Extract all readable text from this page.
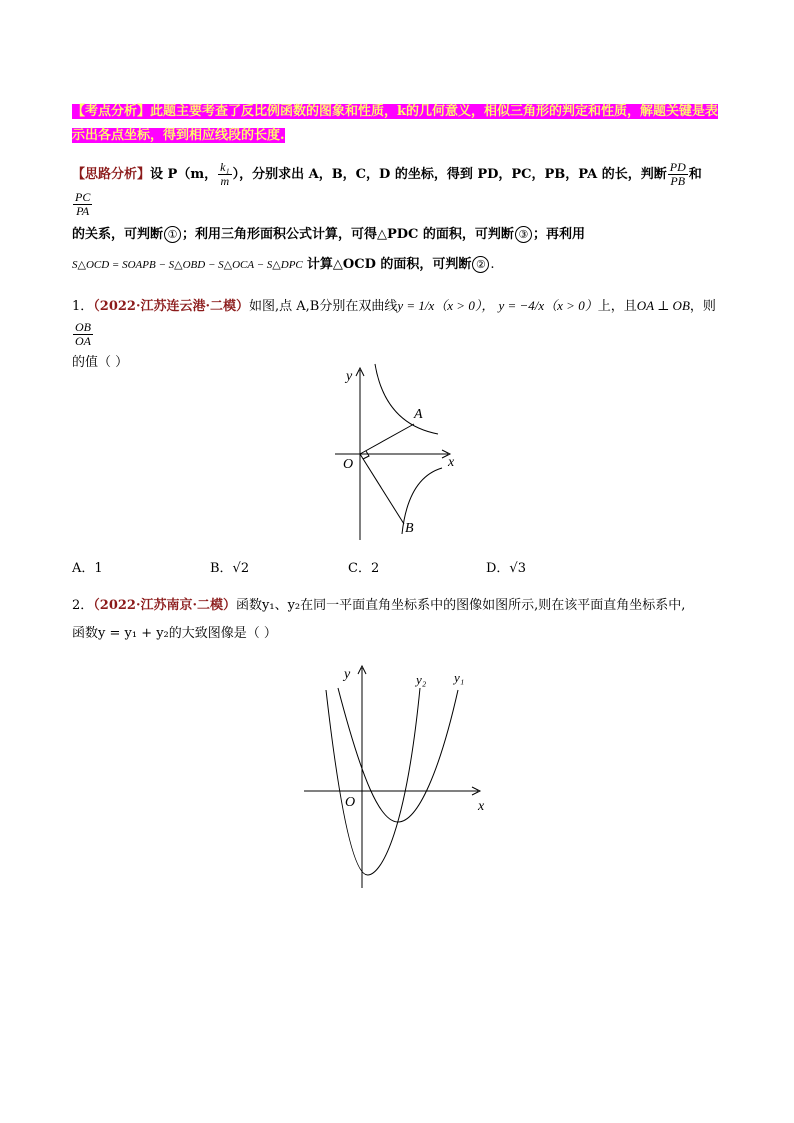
【考点分析】此题主要考查了反比例函数的图象和性质，k的几何意义，相似三角形的判定和性质，解题关键是表示出各点坐标，得到相应线段的长度.
【思路分析】设 P（m， $\frac{\text{k₁}}{m}$ ），分别求出 A，B，C，D 的坐标，得到 PD，PC，PB，PA 的长，判断 $\frac{PD}{PB}$ 和
$\frac{PC}{PA}$

的关系，可判断 ① ；利用三角形面积公式计算，可得△PDC 的面积，可判断 ③ ；再利用
S△OCD = SOAPB − S△OBD − S△OCA − S△DPC 计算△OCD 的面积，可判断 ② .
1．（2022·江苏连云港·二模）如图,点 A,B分别在双曲线y = 1/x（x > 0）， y = −4/x（x > 0）上，且OA ⊥ OB，则
$\frac{OB}{OA}$

的值（ ）
y
x
O
A
B
A．1	B．√2	C．2	D．√3
2．（2022·江苏南京·二模）函数y₁、y₂在同一平面直角坐标系中的图像如图所示,则在该平面直角坐标系中,
函数y = y₁ + y₂的大致图像是（ ）
y
x
O
y₂ y₁
